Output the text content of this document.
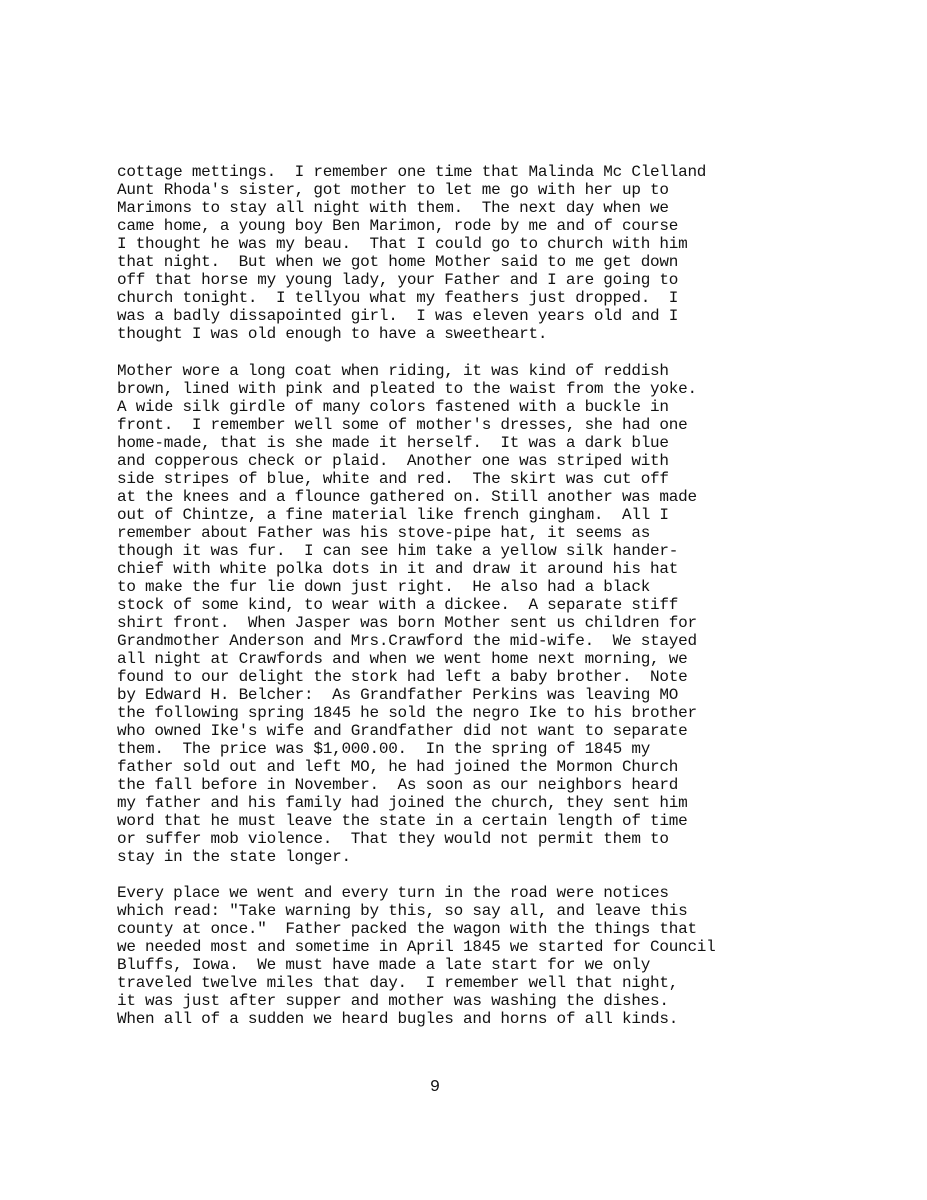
cottage mettings.  I remember one time that Malinda Mc Clelland
Aunt Rhoda's sister, got mother to let me go with her up to
Marimons to stay all night with them.  The next day when we
came home, a young boy Ben Marimon, rode by me and of course
I thought he was my beau.  That I could go to church with him
that night.  But when we got home Mother said to me get down
off that horse my young lady, your Father and I are going to
church tonight.  I tellyou what my feathers just dropped.  I
was a badly dissapointed girl.  I was eleven years old and I
thought I was old enough to have a sweetheart.
Mother wore a long coat when riding, it was kind of reddish
brown, lined with pink and pleated to the waist from the yoke.
A wide silk girdle of many colors fastened with a buckle in
front.  I remember well some of mother's dresses, she had one
home-made, that is she made it herself.  It was a dark blue
and copperous check or plaid.  Another one was striped with
side stripes of blue, white and red.  The skirt was cut off
at the knees and a flounce gathered on. Still another was made
out of Chintze, a fine material like french gingham.  All I
remember about Father was his stove-pipe hat, it seems as
though it was fur.  I can see him take a yellow silk hander-
chief with white polka dots in it and draw it around his hat
to make the fur lie down just right.  He also had a black
stock of some kind, to wear with a dickee.  A separate stiff
shirt front.  When Jasper was born Mother sent us children for
Grandmother Anderson and Mrs.Crawford the mid-wife.  We stayed
all night at Crawfords and when we went home next morning, we
found to our delight the stork had left a baby brother.  Note
by Edward H. Belcher:  As Grandfather Perkins was leaving MO
the following spring 1845 he sold the negro Ike to his brother
who owned Ike's wife and Grandfather did not want to separate
them.  The price was $1,000.00.  In the spring of 1845 my
father sold out and left MO, he had joined the Mormon Church
the fall before in November.  As soon as our neighbors heard
my father and his family had joined the church, they sent him
word that he must leave the state in a certain length of time
or suffer mob violence.  That they would not permit them to
stay in the state longer.
Every place we went and every turn in the road were notices
which read: "Take warning by this, so say all, and leave this
county at once."  Father packed the wagon with the things that
we needed most and sometime in April 1845 we started for Council
Bluffs, Iowa.  We must have made a late start for we only
traveled twelve miles that day.  I remember well that night,
it was just after supper and mother was washing the dishes.
When all of a sudden we heard bugles and horns of all kinds.
9
